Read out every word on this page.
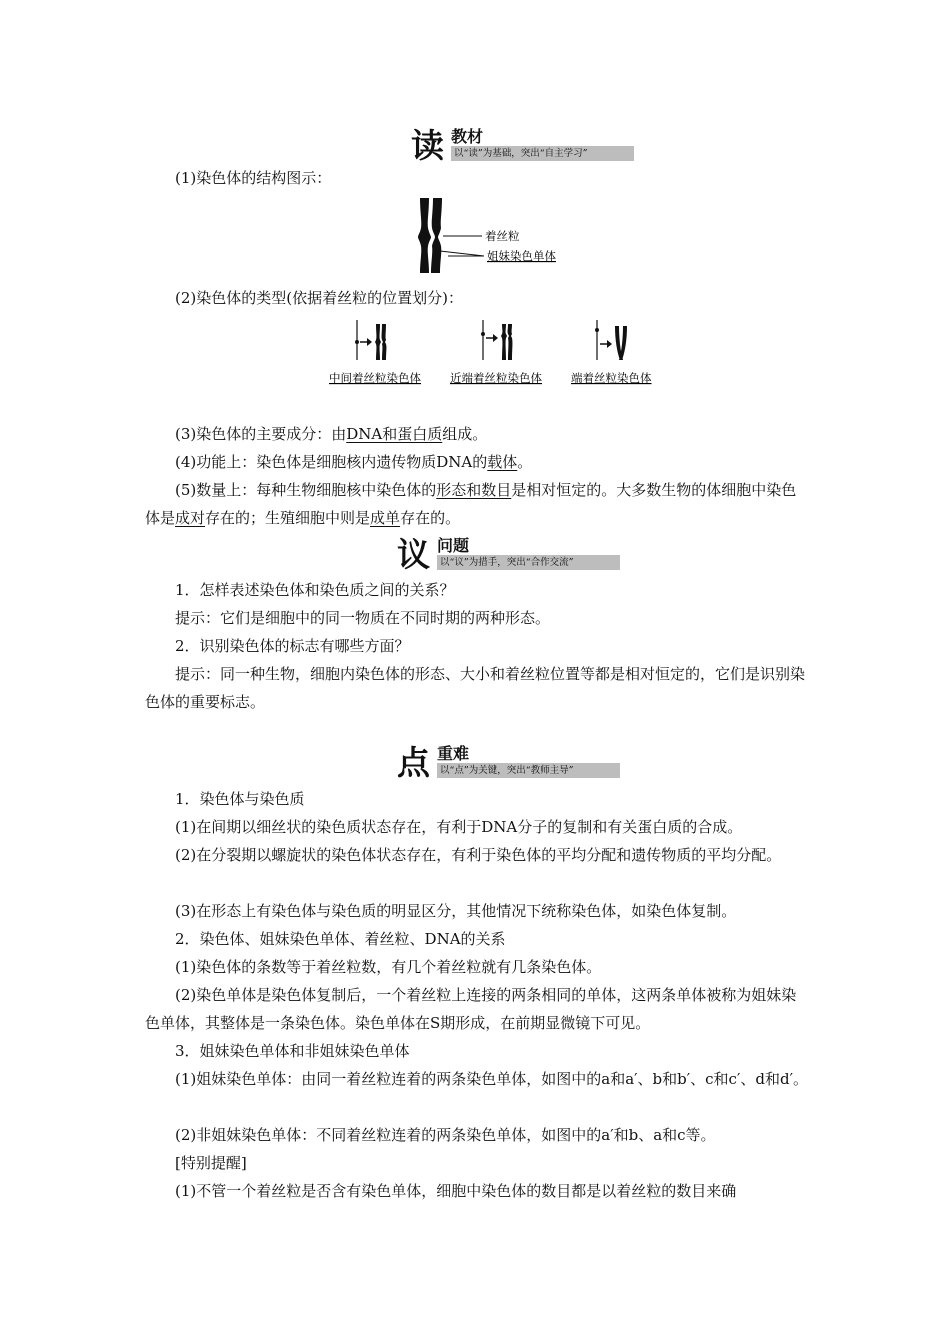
读 教材
以“读”为基础，突出“自主学习”

(1)染色体的结构图示：

着丝粒
姐妹染色单体

(2)染色体的类型(依据着丝粒的位置划分)：

中间着丝粒染色体	近端着丝粒染色体	端着丝粒染色体

(3)染色体的主要成分：由DNA和蛋白质组成。

(4)功能上：染色体是细胞核内遗传物质DNA的载体。

(5)数量上：每种生物细胞核中染色体的形态和数目是相对恒定的。大多数生物的体细胞中染色体是成对存在的；生殖细胞中则是成单存在的。

议 问题
以“议”为措手，突出“合作交流”

1．怎样表述染色体和染色质之间的关系？

提示：它们是细胞中的同一物质在不同时期的两种形态。

2．识别染色体的标志有哪些方面？

提示：同一种生物，细胞内染色体的形态、大小和着丝粒位置等都是相对恒定的，它们是识别染色体的重要标志。

点 重难
以“点”为关键，突出“教师主导”

1．染色体与染色质

(1)在间期以细丝状的染色质状态存在，有利于DNA分子的复制和有关蛋白质的合成。

(2)在分裂期以螺旋状的染色体状态存在，有利于染色体的平均分配和遗传物质的平均分配。

(3)在形态上有染色体与染色质的明显区分，其他情况下统称染色体，如染色体复制。

2．染色体、姐妹染色单体、着丝粒、DNA的关系

(1)染色体的条数等于着丝粒数，有几个着丝粒就有几条染色体。

(2)染色单体是染色体复制后，一个着丝粒上连接的两条相同的单体，这两条单体被称为姐妹染色单体，其整体是一条染色体。染色单体在S期形成，在前期显微镜下可见。

3．姐妹染色单体和非姐妹染色单体

(1)姐妹染色单体：由同一着丝粒连着的两条染色单体，如图中的a和a′、b和b′、c和c′、d和d′。

(2)非姐妹染色单体：不同着丝粒连着的两条染色单体，如图中的a′和b、a和c等。

[特别提醒]

(1)不管一个着丝粒是否含有染色单体，细胞中染色体的数目都是以着丝粒的数目来确
